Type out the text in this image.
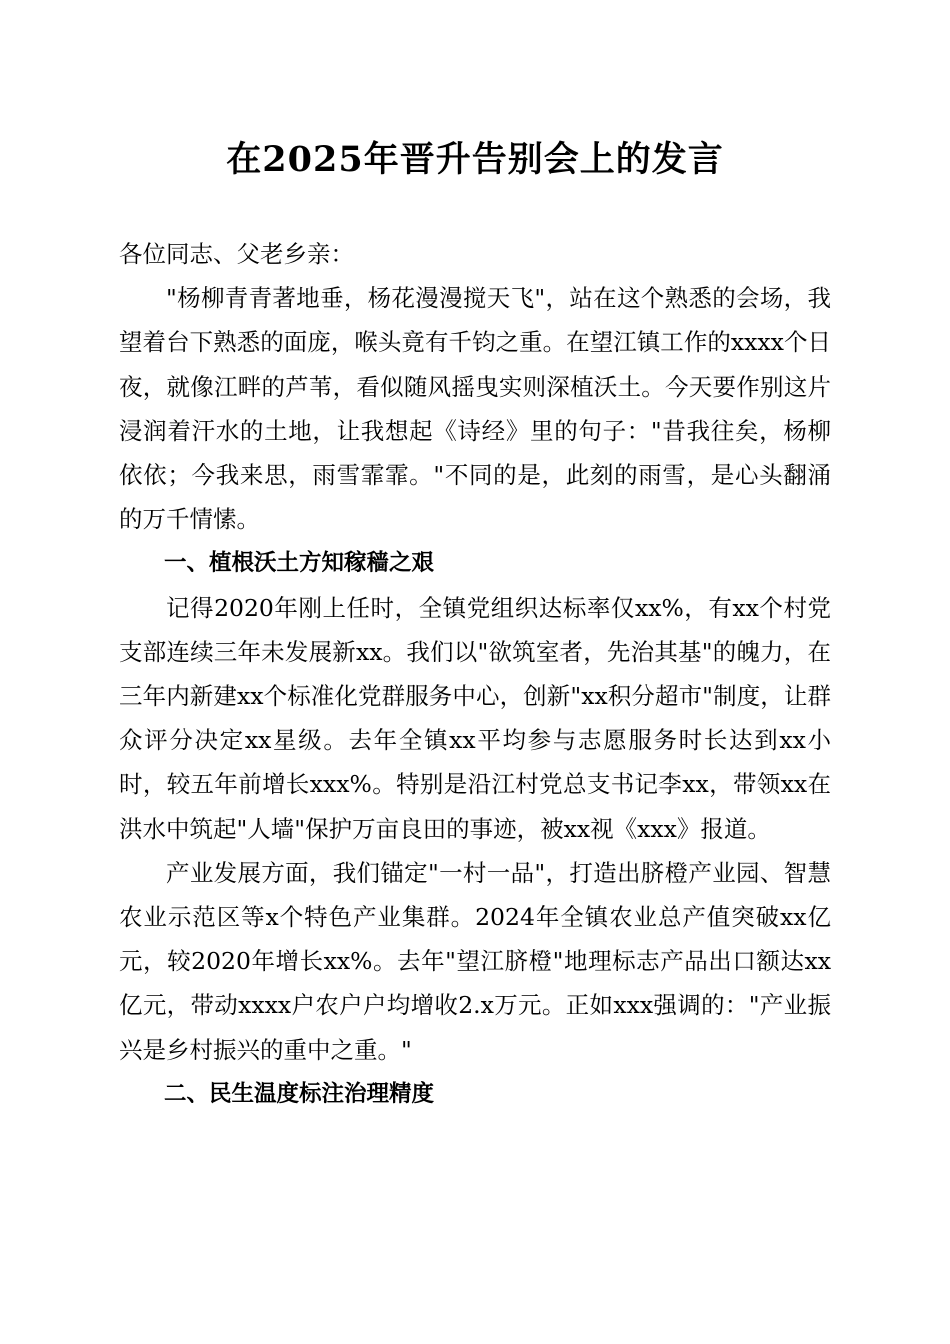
在2025年晋升告别会上的发言

各位同志、父老乡亲：

"杨柳青青著地垂，杨花漫漫搅天飞"，站在这个熟悉的会场，我望着台下熟悉的面庞，喉头竟有千钧之重。在望江镇工作的xxxx个日夜，就像江畔的芦苇，看似随风摇曳实则深植沃土。今天要作别这片浸润着汗水的土地，让我想起《诗经》里的句子："昔我往矣，杨柳依依；今我来思，雨雪霏霏。"不同的是，此刻的雨雪，是心头翻涌的万千情愫。

一、植根沃土方知稼穑之艰

记得2020年刚上任时，全镇党组织达标率仅xx%，有xx个村党支部连续三年未发展新xx。我们以"欲筑室者，先治其基"的魄力，在三年内新建xx个标准化党群服务中心，创新"xx积分超市"制度，让群众评分决定xx星级。去年全镇xx平均参与志愿服务时长达到xx小时，较五年前增长xxx%。特别是沿江村党总支书记李xx，带领xx在洪水中筑起"人墙"保护万亩良田的事迹，被xx视《xxx》报道。

产业发展方面，我们锚定"一村一品"，打造出脐橙产业园、智慧农业示范区等x个特色产业集群。2024年全镇农业总产值突破xx亿元，较2020年增长xx%。去年"望江脐橙"地理标志产品出口额达xx亿元，带动xxxx户农户户均增收2.x万元。正如xxx强调的："产业振兴是乡村振兴的重中之重。"

二、民生温度标注治理精度
